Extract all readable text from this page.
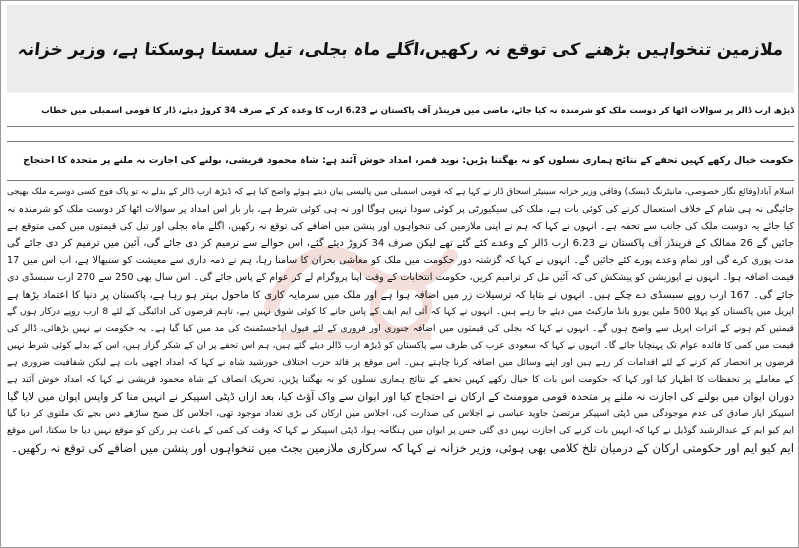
ملازمین تنخواہیں بڑھنے کی توقع نہ رکھیں،اگلے ماہ بجلی، تیل سستا ہوسکتا ہے، وزیر خزانہ
ڈیڑھ ارب ڈالر پر سوالات اٹھا کر دوست ملک کو شرمندہ نہ کیا جائے، ماضی میں فرینڈز آف پاکستان نے 6.23 ارب کا وعدہ کر کے صرف 34 کروڑ دیئے، ڈار کا قومی اسمبلی میں خطاب
حکومت خیال رکھے کہیں تحفے کے نتائج ہماری نسلوں کو نہ بھگتنا پڑیں: نوید قمر، امداد خوش آئند ہے: شاہ محمود قریشی، بولنے کی اجازت نہ ملنے پر متحدہ کا احتجاج
اسلام آباد(وقائع نگار خصوصی، مانیٹرنگ ڈیسک) وفاقی وزیر خزانہ سینیٹر اسحاق ڈار نے کہا ہے کہ قومی اسمبلی میں پالیسی بیان دیتے ہوئے واضح کیا ہے کہ ڈیڑھ ارب ڈالر کے بدلے نہ تو پاک فوج کسی دوسرے ملک بھیجی
جائیگی نہ ہی شام کے خلاف استعمال کرنے کی کوئی بات ہے، ملک کی سیکیورٹی پر کوئی سودا نہیں ہوگا اور نہ ہی کوئی شرط ہے، بار بار اس امداد پر سوالات اٹھا کر دوست ملک کو شرمندہ نہ
کیا جائے یہ دوست ملک کی جانب سے تحفہ ہے۔ انہوں نے کہا کہ ہم نے اپنی ملازمین کی تنخواہوں اور پنشن میں اضافے کی توقع نہ رکھیں، اگلے ماہ بجلی اور تیل کی قیمتوں میں کمی متوقع ہے
جائیں گے 26 ممالک کے فرینڈز آف پاکستان نے 6.23 ارب ڈالر کے وعدے کئے گئے تھے لیکن صرف 34 کروڑ دیئے گئے، اس حوالے سے ترمیم کر دی جائے گی، آئین میں ترمیم کر دی جائے گی
مدت پوری کرے گی اور تمام وعدے پورے کئے جائیں گے۔ انہوں نے کہا کہ گزشتہ دور حکومت میں ملک کو معاشی بحران کا سامنا رہا، ہم نے ذمہ داری سے معیشت کو سنبھالا ہے، اب اس میں 17
قیمت اضافہ ہوا۔ انہوں نے اپوزیشن کو پیشکش کی کہ آئیں مل کر ترامیم کریں، حکومت انتخابات کے وقت اپنا پروگرام لے کر عوام کے پاس جائے گی۔ اس سال بھی 250 سے 270 ارب سبسڈی دی
جائے گی۔ 167 ارب روپے سبسڈی دے چکے ہیں۔ انہوں نے بتایا کہ ترسیلات زر میں اضافہ ہوا ہے اور ملک میں سرمایہ کاری کا ماحول بہتر ہو رہا ہے، پاکستان پر دنیا کا اعتماد بڑھا ہے
اپریل میں پاکستان کو پہلا 500 ملین یورو بانڈ مارکیٹ میں دیئے جا رہے ہیں۔ انہوں نے کہا کہ آئی ایم ایف کے پاس جانے کا کوئی شوق نہیں ہے، تاہم قرضوں کی ادائیگی کے لئے 8 ارب روپے درکار ہوں گے
قیمتیں کم ہونے کے اثرات اپریل سے واضح ہوں گے۔ انہوں نے کہا کہ بجلی کی قیمتوں میں اضافہ جنوری اور فروری کے لئے فیول ایڈجسٹمنٹ کی مد میں کیا گیا ہے۔ یہ حکومت نے نہیں بڑھائی، ڈالر کی
قیمت میں کمی کا فائدہ عوام تک پہنچایا جائے گا۔ انہوں نے کہا کہ سعودی عرب کی طرف سے پاکستان کو ڈیڑھ ارب ڈالر دیئے گئے ہیں، ہم اس تحفے پر ان کے شکر گزار ہیں، اس کے بدلے کوئی شرط نہیں
قرضوں پر انحصار کم کرنے کے لئے اقدامات کر رہے ہیں اور اپنے وسائل میں اضافہ کرنا چاہتے ہیں۔ اس موقع پر قائد حزب اختلاف خورشید شاہ نے کہا کہ امداد اچھی بات ہے لیکن شفافیت ضروری ہے
کے معاملے پر تحفظات کا اظہار کیا اور کہا کہ حکومت اس بات کا خیال رکھے کہیں تحفے کے نتائج ہماری نسلوں کو نہ بھگتنا پڑیں، تحریک انصاف کے شاہ محمود قریشی نے کہا کہ امداد خوش آئند ہے
دوران ایوان میں بولنے کی اجازت نہ ملنے پر متحدہ قومی موومنٹ کے ارکان نے احتجاج کیا اور ایوان سے واک آؤٹ کیا، بعد ازاں ڈپٹی اسپیکر نے انہیں منا کر واپس ایوان میں لایا گیا
اسپیکر ایاز صادق کی عدم موجودگی میں ڈپٹی اسپیکر مرتضیٰ جاوید عباسی نے اجلاس کی صدارت کی، اجلاس میں ارکان کی بڑی تعداد موجود تھی، اجلاس کل صبح ساڑھے دس بجے تک ملتوی کر دیا گیا
ایم کیو ایم کے عبدالرشید گوڈیل نے کہا کہ انہیں بات کرنے کی اجازت نہیں دی گئی جس پر ایوان میں ہنگامہ ہوا، ڈپٹی اسپیکر نے کہا کہ وقت کی کمی کے باعث ہر رکن کو موقع نہیں دیا جا سکتا، اس موقع
ایم کیو ایم اور حکومتی ارکان کے درمیان تلخ کلامی بھی ہوئی، وزیر خزانہ نے کہا کہ سرکاری ملازمین بجٹ میں تنخواہوں اور پنشن میں اضافے کی توقع نہ رکھیں۔
